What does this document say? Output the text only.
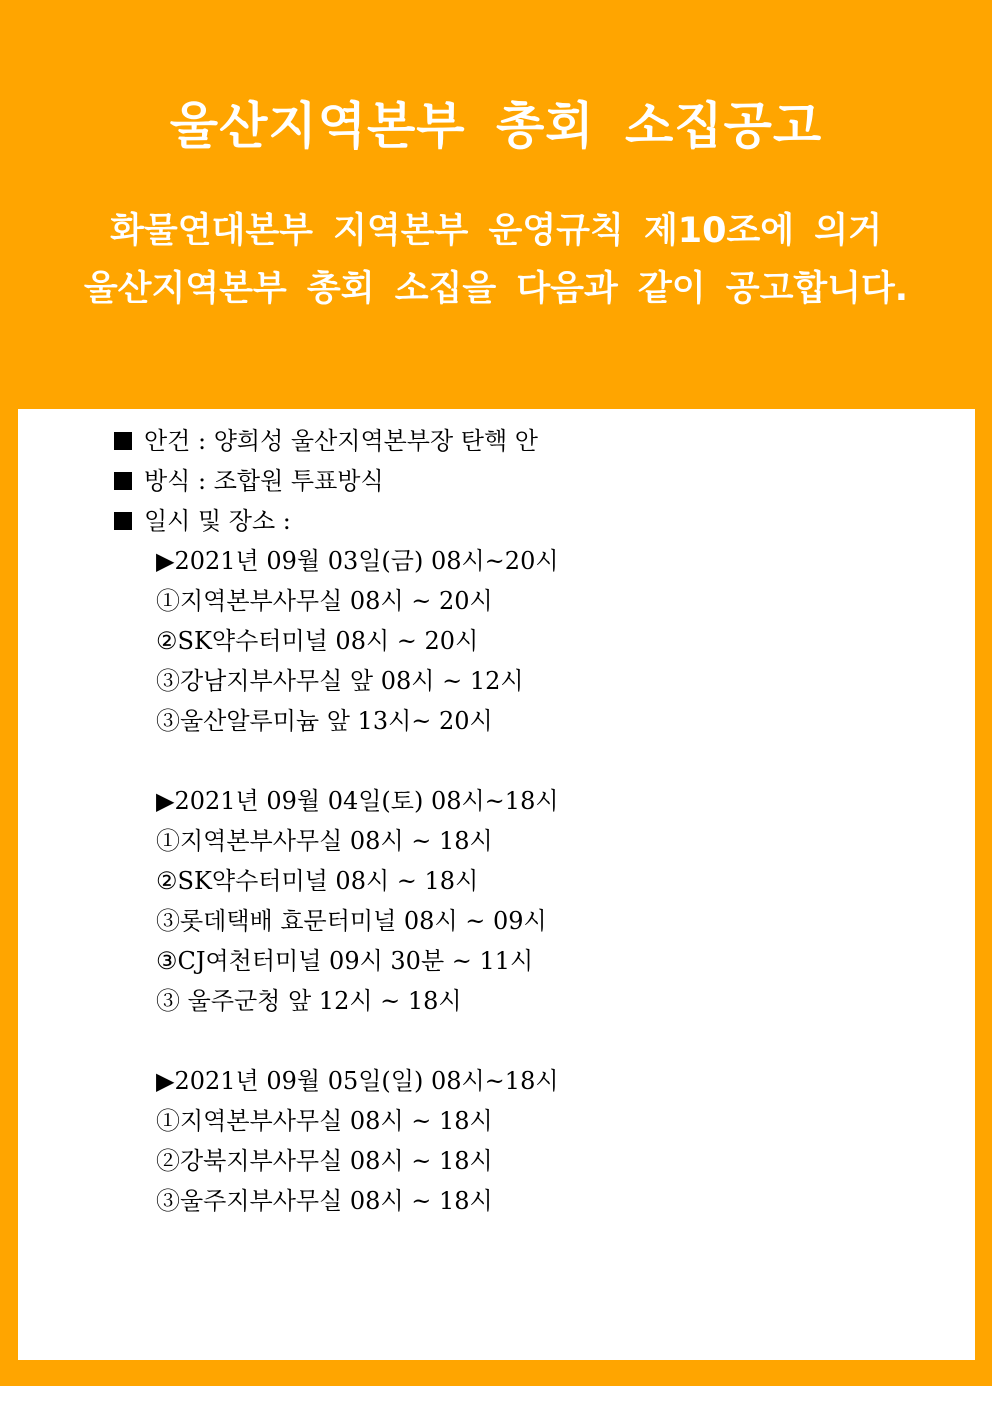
울산지역본부 총회 소집공고
화물연대본부 지역본부 운영규칙 제10조에 의거
울산지역본부 총회 소집을 다음과 같이 공고합니다.
안건 : 양희성 울산지역본부장 탄핵 안
방식 : 조합원 투표방식
일시 및 장소 :
▶2021년 09월 03일(금) 08시~20시
①지역본부사무실 08시 ~ 20시
②SK약수터미널 08시 ~ 20시
③강남지부사무실 앞 08시 ~ 12시
③울산알루미늄 앞 13시~ 20시
▶2021년 09월 04일(토) 08시~18시
①지역본부사무실 08시 ~ 18시
②SK약수터미널 08시 ~ 18시
③롯데택배 효문터미널 08시 ~ 09시
③CJ여천터미널 09시 30분 ~ 11시
③ 울주군청 앞 12시 ~ 18시
▶2021년 09월 05일(일) 08시~18시
①지역본부사무실 08시 ~ 18시
②강북지부사무실 08시 ~ 18시
③울주지부사무실 08시 ~ 18시
